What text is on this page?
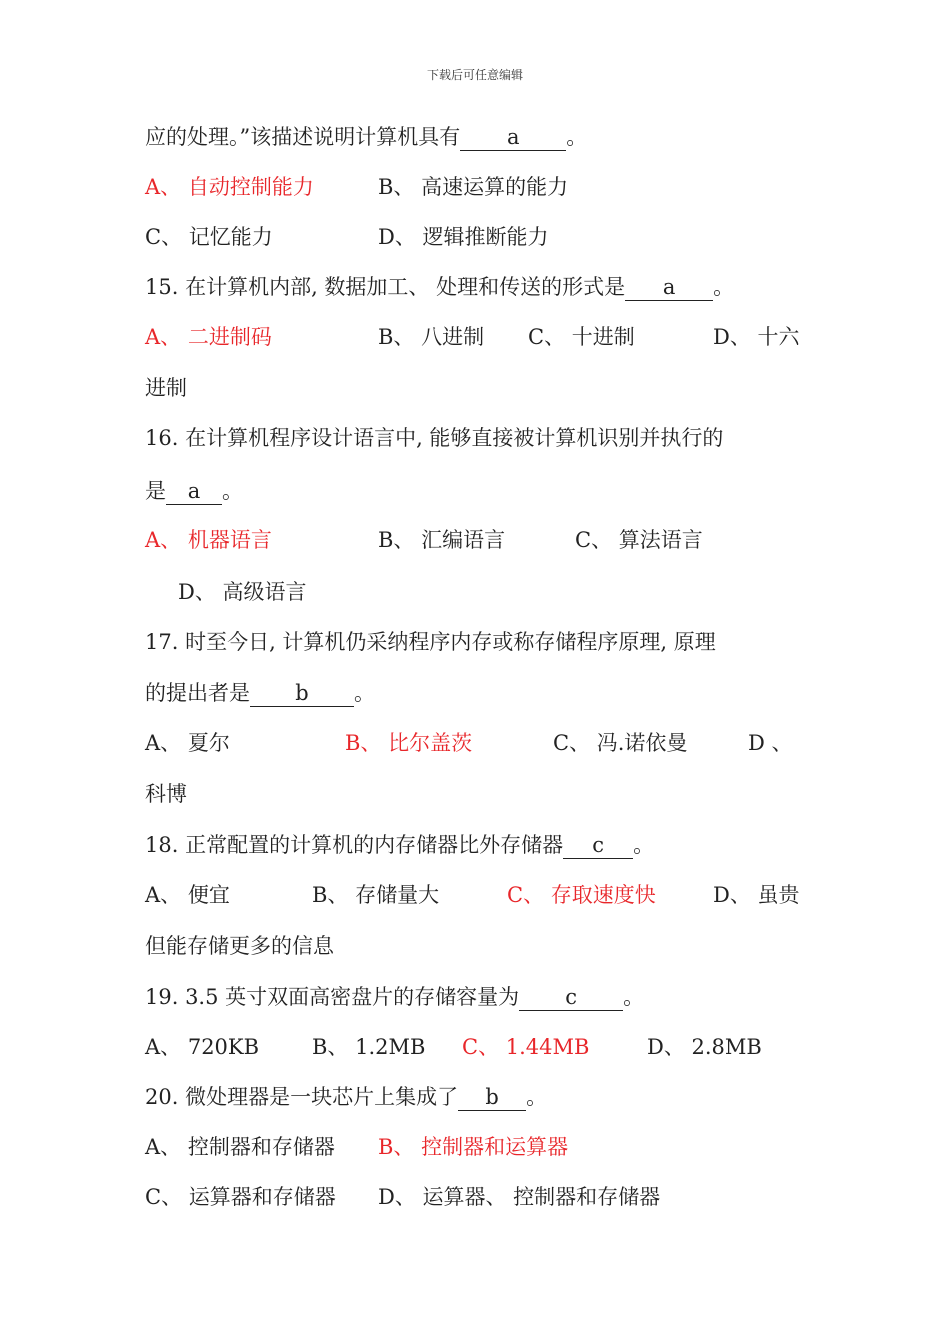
下载后可任意编辑
应的处理。”该描述说明计算机具有 a 。
A、 自动控制能力	B、 高速运算的能力
C、 记忆能力	D、 逻辑推断能力
15. 在计算机内部, 数据加工、 处理和传送的形式是 a 。
A、 二进制码	B、 八进制 C、 十进制	D、 十六
进制
16. 在计算机程序设计语言中, 能够直接被计算机识别并执行的
是 a 。
A、 机器语言	B、 汇编语言	C、 算法语言
D、 高级语言
17. 时至今日, 计算机仍采纳程序内存或称存储程序原理, 原理
的提出者是 b 。
A、 夏尔	B、 比尔盖茨	C、 冯.诺依曼	D 、
科博
18. 正常配置的计算机的内存储器比外存储器 c 。
A、 便宜	B、 存储量大	C、 存取速度快	D、 虽贵
但能存储更多的信息
19. 3.5 英寸双面高密盘片的存储容量为 c 。
A、 720KB	B、 1.2MB C、 1.44MB	D、 2.8MB
20. 微处理器是一块芯片上集成了 b 。
A、 控制器和存储器 B、 控制器和运算器
C、 运算器和存储器 D、 运算器、 控制器和存储器
